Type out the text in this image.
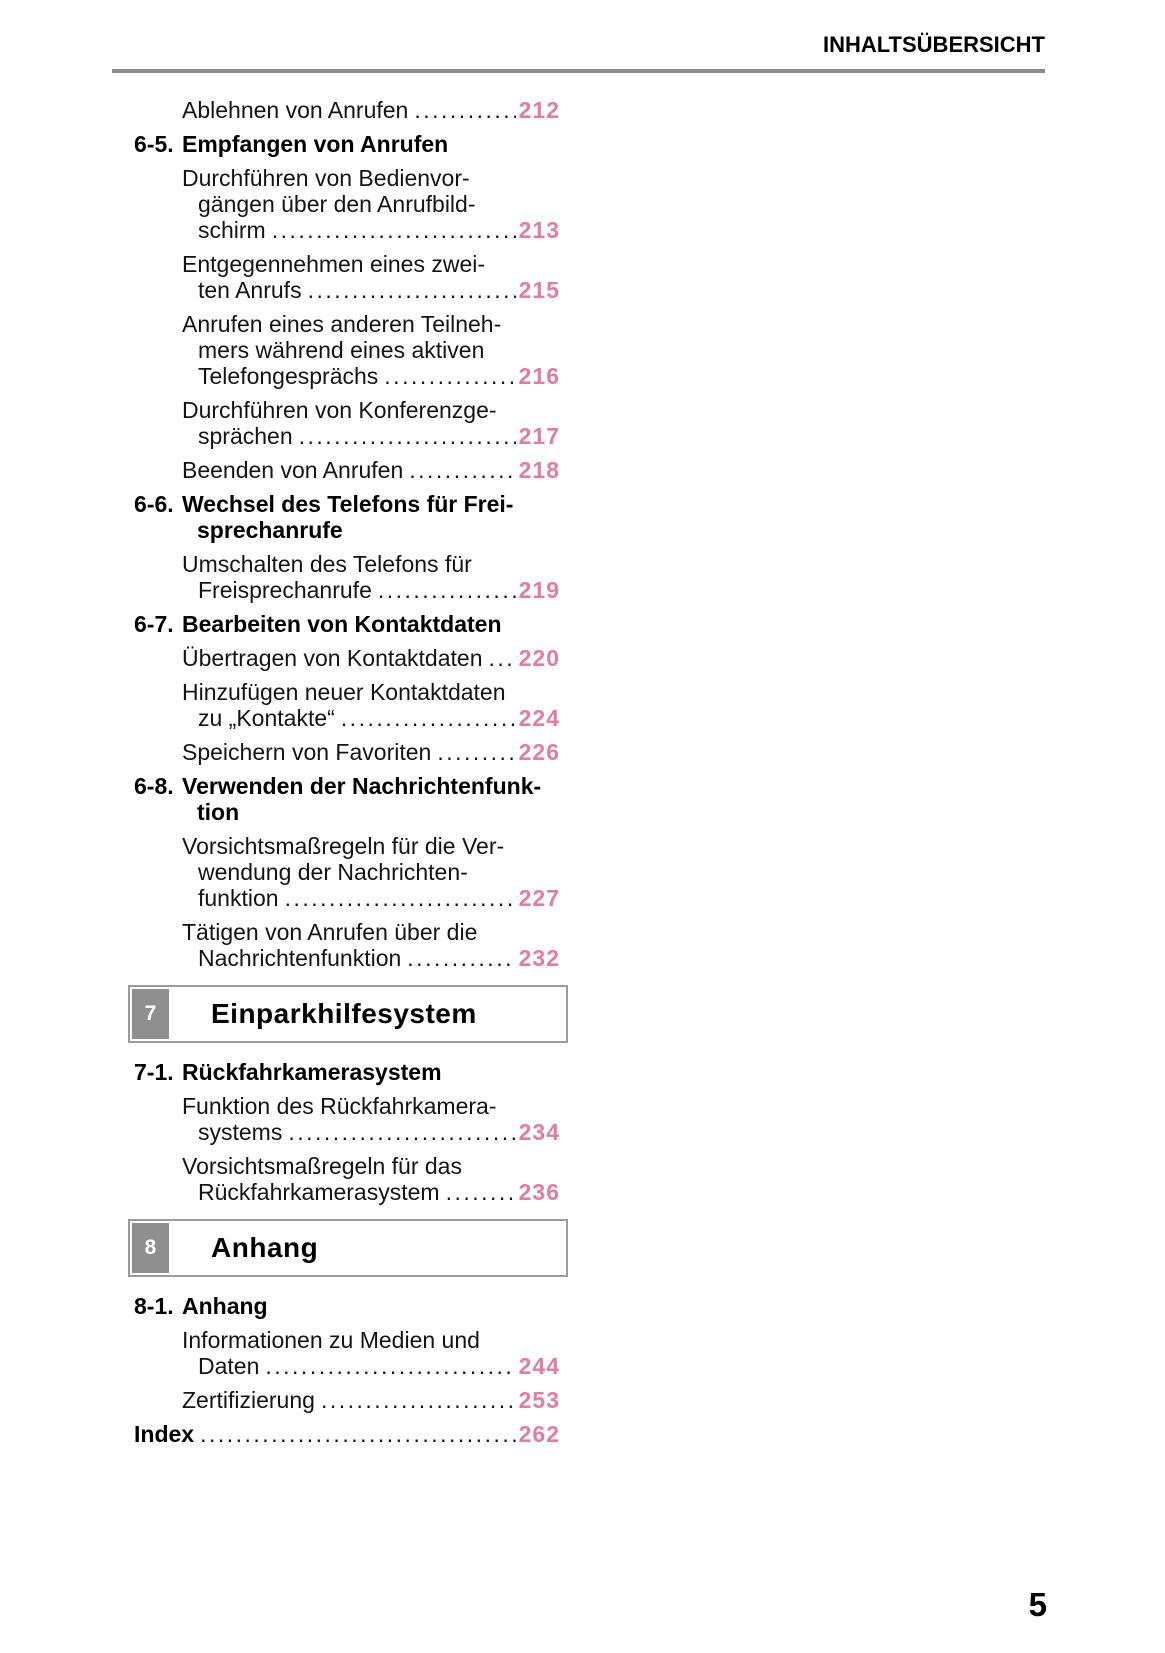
INHALTSÜBERSICHT
Ablehnen von Anrufen .....	212
6-5. Empfangen von Anrufen
Durchführen von Bedienvor-
gängen über den Anrufbild-
schirm .....	213
Entgegennehmen eines zwei-
ten Anrufs .....	215
Anrufen eines anderen Teilneh-
mers während eines aktiven
Telefongesprächs .....	216
Durchführen von Konferenzge-
sprächen .....	217
Beenden von Anrufen .....	218
6-6. Wechsel des Telefons für Frei-
sprechanrufe
Umschalten des Telefons für
Freisprechanrufe .....	219
6-7. Bearbeiten von Kontaktdaten
Übertragen von Kontaktdaten ..... 220
Hinzufügen neuer Kontaktdaten
zu „Kontakte“ .....	224
Speichern von Favoriten .....	226
6-8. Verwenden der Nachrichtenfunk-
tion
Vorsichtsmaßregeln für die Ver-
wendung der Nachrichten-
funktion .....	227
Tätigen von Anrufen über die
Nachrichtenfunktion .....	232
7	Einparkhilfesystem
7-1. Rückfahrkamerasystem
Funktion des Rückfahrkamera-
systems .....	234
Vorsichtsmaßregeln für das
Rückfahrkamerasystem .....	236
8	Anhang
8-1. Anhang
Informationen zu Medien und
Daten .....	244
Zertifizierung .....	253
Index .....	262
5
